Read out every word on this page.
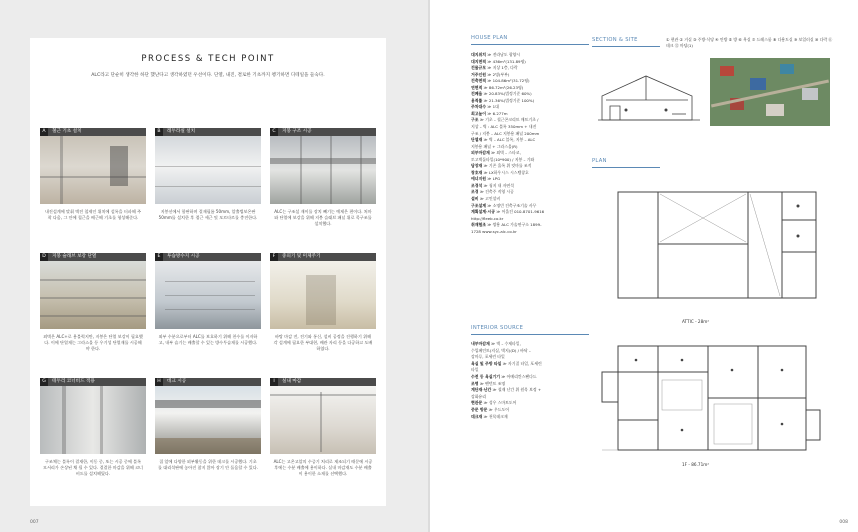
PROCESS & TECH POINT
ALC라고 단순히 생각한 하단 했난다고 생각하였던 우선이다. 단열, 내진, 결로한 기초까지 챙기하면 디테일을 들숙다.
A	철근 기초 설치
내진설계에 맞춰 벽전 철제인 위치에 설록을 터파해 주착 다음, 그 안에 철근을 배근해 기초를 형성해준다.
B	레두라실 설치
지붕선에서 합판하며 결재필름 50mm, 압출법보온판 50mm를 설치한 후 접근 세근 및 모르타르를 충전한다.
C	지붕 구조 시공
ALC는 구조설 재이를 장치 빼기는 예제은 편이다. 처마와 단열에 보강을 위해 지붕 슬래브 패널 위로 목구조를 설치했다.
D	지붕 슬래브 보강 단열
외벽은 ALC+로 용블럭지만, 지붕은 단열 보강이 필요했다. 이에 단열재는 그라스울 등 우기성 단열재를 시공해야 한다.
E	투습방수지 시공
외부 수분으로부터 ALC를 보호하기 위해 천수를 이자하고, 내부 습기는 배출할 수 있는 방수투습재를 시공했다.
F	중피기 및 미제주기
바탕 마감 전, 전기와 통신, 설비 공정을 진행하기 위해 각 설계에 필요한 부대현, 배관 자리 등을 다공하고 도배하였다.
G	테두리 코너비드 적용
구조체는 블록이 결재한, 이동 중, 또는 시공 중에 블록 모서리가 손상된 채 될 수 있다. 결결한 마감을 위해 코너비드를 설치해뒀다.
H	데크 시공
집 앞에 다양한 외부활동을 위한 데크를 시공했다. 기초를 대리석판에 놓아진 참지 않아 장기 안 돌음할 수 있다.
I	실내 마감
ALC는 고온고압의 수증기 처리로 제조되기 때문에 시공 후에는 수분 배출에 용이하다. 실내 마감재도 수분 배출이 용이한 소재를 선택했다.
007	008
HOUSE PLAN
대지위치 ≫ 전라남도 광양시
대지면적 ≫ 436m²(131.89평)
건물규모 ≫ 지상 1층, 다락
거주인원 ≫ 2명(부부)
건축면적 ≫ 104.86m²(31.72평)
연면적 ≫ 86.72m²(26.23평)
건폐율 ≫ 20.83%(법정기준 60%)
용적률 ≫ 21.36%(법정기준 100%)
주차대수 ≫ 1대
최고높이 ≫ 6.277m
구조 ≫ 기초 – 철근콘크리트 매트기초 /
지상 – 벽 : ALC 블록 350mm + 내진
구조 / 지붕 – ALC 지붕용 패널 200mm
단열재 ≫ 벽 – ALC 블록, 지붕 – ALC
지붕용 패널 + 그라스울(R)
외부마감재 ≫ 외벽 – 스타코,
토고벽돌타일(10*900) / 지붕 – 기와
담장재 ≫ 기존 울록 위 덧마를 조적
창호재 ≫ LX하우시스 시스템창호
에너지원 ≫ LPG
조경석 ≫ 청지 내 자연석
조경 ≫ 건축주 직영 시공
설비 ≫ 고인설비
구조설계 ≫ 소명빈 건축구조기술 사무
계획설계·시공 ≫ 어울건 010-8701-9616
http://fleeb.co.kr
취재협조 ≫ 쌍용 ALC 가술연구소 1899-
1728 www.syc-alc.co.kr
INTERIOR SOURCE
내부마감재 ≫ 벽 – 수제타일,
수입페인트(지실, 벽지)(D) / 바닥 –
강마루, 포세린 타일
욕실 및 주방 타일 ≫ 자기질 타일, 포세린
타일
수전 등 욕실기기 ≫ 아메리칸스탠다드
조명 ≫ 펜던트 조명
계단재·난간 ≫ 철재 난간 위 원목 보정 +
강화유리
현관문 ≫ 성우 스마트도어
중문 방문 ≫ 우드도어
데크재 ≫ 천목데크재
SECTION & SITE	① 현관 ② 거실 ③ 주방·식당 ④ 안방 ⑤ 방 ⑥ 욕실 ⑦ 드레스룸 ⑧ 다용도실 ⑨ 보일러실 ⑩ 다락 ⑪ 데크 ⑫ 마당(1)
PLAN
ATTIC - 28m²
1F - 86.71m²
